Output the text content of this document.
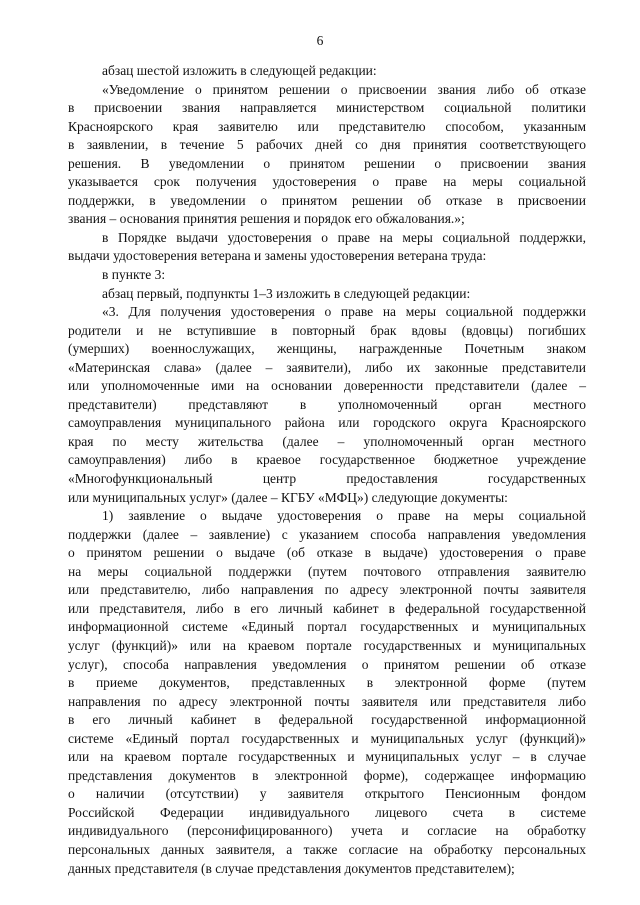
6
абзац шестой изложить в следующей редакции:
«Уведомление о принятом решении о присвоении звания либо об отказе
в присвоении звания направляется министерством социальной политики
Красноярского края заявителю или представителю способом, указанным
в заявлении, в течение 5 рабочих дней со дня принятия соответствующего
решения. В уведомлении о принятом решении о присвоении звания
указывается срок получения удостоверения о праве на меры социальной
поддержки, в уведомлении о принятом решении об отказе в присвоении
звания – основания принятия решения и порядок его обжалования.»;
в Порядке выдачи удостоверения о праве на меры социальной поддержки,
выдачи удостоверения ветерана и замены удостоверения ветерана труда:
в пункте 3:
абзац первый, подпункты 1–3 изложить в следующей редакции:
«3. Для получения удостоверения о праве на меры социальной поддержки
родители и не вступившие в повторный брак вдовы (вдовцы) погибших
(умерших) военнослужащих, женщины, награжденные Почетным знаком
«Материнская слава» (далее – заявители), либо их законные представители
или уполномоченные ими на основании доверенности представители (далее –
представители) представляют в уполномоченный орган местного
самоуправления муниципального района или городского округа Красноярского
края по месту жительства (далее – уполномоченный орган местного
самоуправления) либо в краевое государственное бюджетное учреждение
«Многофункциональный центр предоставления государственных
или муниципальных услуг» (далее – КГБУ «МФЦ») следующие документы:
1) заявление о выдаче удостоверения о праве на меры социальной
поддержки (далее – заявление) с указанием способа направления уведомления
о принятом решении о выдаче (об отказе в выдаче) удостоверения о праве
на меры социальной поддержки (путем почтового отправления заявителю
или представителю, либо направления по адресу электронной почты заявителя
или представителя, либо в его личный кабинет в федеральной государственной
информационной системе «Единый портал государственных и муниципальных
услуг (функций)» или на краевом портале государственных и муниципальных
услуг), способа направления уведомления о принятом решении об отказе
в приеме документов, представленных в электронной форме (путем
направления по адресу электронной почты заявителя или представителя либо
в его личный кабинет в федеральной государственной информационной
системе «Единый портал государственных и муниципальных услуг (функций)»
или на краевом портале государственных и муниципальных услуг – в случае
представления документов в электронной форме), содержащее информацию
о наличии (отсутствии) у заявителя открытого Пенсионным фондом
Российской Федерации индивидуального лицевого счета в системе
индивидуального (персонифицированного) учета и согласие на обработку
персональных данных заявителя, а также согласие на обработку персональных
данных представителя (в случае представления документов представителем);
